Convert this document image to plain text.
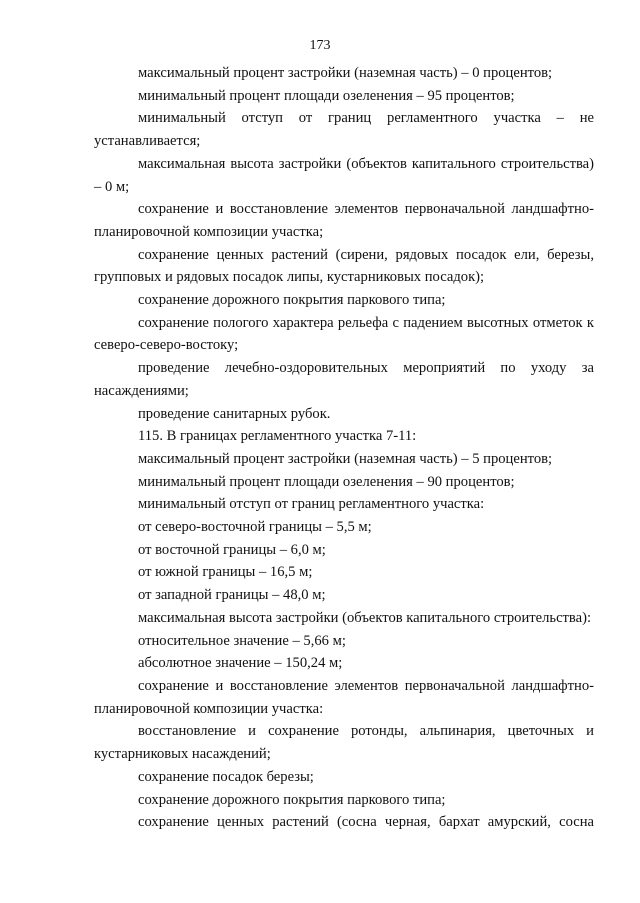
173

максимальный процент застройки (наземная часть) – 0 процентов;

минимальный процент площади озеленения – 95 процентов;

минимальный отступ от границ регламентного участка – не устанавливается;

максимальная высота застройки (объектов капитального строительства) – 0 м;

сохранение и восстановление элементов первоначальной ландшафтно-планировочной композиции участка;

сохранение ценных растений (сирени, рядовых посадок ели, березы, групповых и рядовых посадок липы, кустарниковых посадок);

сохранение дорожного покрытия паркового типа;

сохранение пологого характера рельефа с падением высотных отметок к северо-северо-востоку;

проведение лечебно-оздоровительных мероприятий по уходу за насаждениями;

проведение санитарных рубок.

115. В границах регламентного участка 7-11:

максимальный процент застройки (наземная часть) – 5 процентов;

минимальный процент площади озеленения – 90 процентов;

минимальный отступ от границ регламентного участка:

от северо-восточной границы – 5,5 м;

от восточной границы – 6,0 м;

от южной границы – 16,5 м;

от западной границы – 48,0 м;

максимальная высота застройки (объектов капитального строительства):

относительное значение – 5,66 м;

абсолютное значение – 150,24 м;

сохранение и восстановление элементов первоначальной ландшафтно-планировочной композиции участка:

восстановление и сохранение ротонды, альпинария, цветочных и кустарниковых насаждений;

сохранение посадок березы;

сохранение дорожного покрытия паркового типа;

сохранение ценных растений (сосна черная, бархат амурский, сосна
